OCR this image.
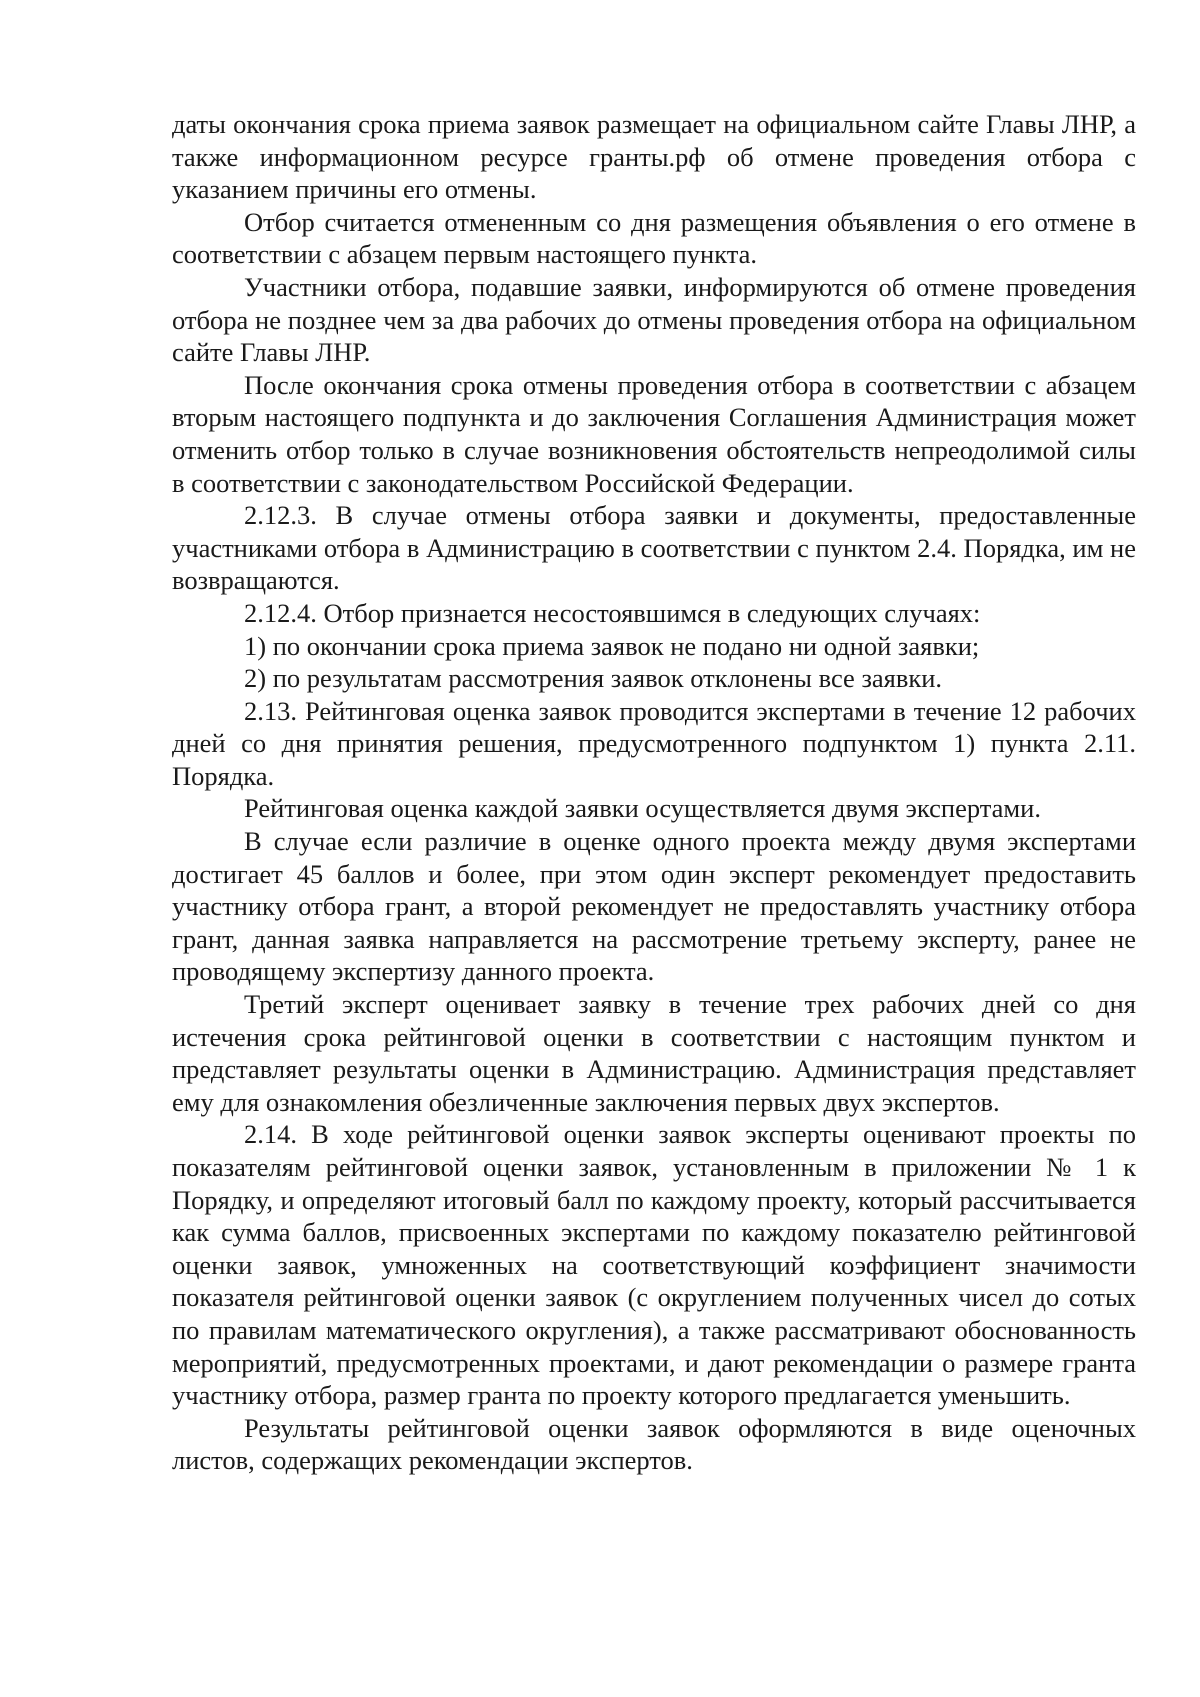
даты окончания срока приема заявок размещает на официальном сайте Главы ЛНР, а также информационном ресурсе гранты.рф об отмене проведения отбора с указанием причины его отмены.

Отбор считается отмененным со дня размещения объявления о его отмене в соответствии с абзацем первым настоящего пункта.

Участники отбора, подавшие заявки, информируются об отмене проведения отбора не позднее чем за два рабочих до отмены проведения отбора на официальном сайте Главы ЛНР.

После окончания срока отмены проведения отбора в соответствии с абзацем вторым настоящего подпункта и до заключения Соглашения Администрация может отменить отбор только в случае возникновения обстоятельств непреодолимой силы в соответствии с законодательством Российской Федерации.

2.12.3. В случае отмены отбора заявки и документы, предоставленные участниками отбора в Администрацию в соответствии с пунктом 2.4. Порядка, им не возвращаются.

2.12.4. Отбор признается несостоявшимся в следующих случаях:

1) по окончании срока приема заявок не подано ни одной заявки;

2) по результатам рассмотрения заявок отклонены все заявки.

2.13. Рейтинговая оценка заявок проводится экспертами в течение 12 рабочих дней со дня принятия решения, предусмотренного подпунктом 1) пункта 2.11. Порядка.

Рейтинговая оценка каждой заявки осуществляется двумя экспертами.

В случае если различие в оценке одного проекта между двумя экспертами достигает 45 баллов и более, при этом один эксперт рекомендует предоставить участнику отбора грант, а второй рекомендует не предоставлять участнику отбора грант, данная заявка направляется на рассмотрение третьему эксперту, ранее не проводящему экспертизу данного проекта.

Третий эксперт оценивает заявку в течение трех рабочих дней со дня истечения срока рейтинговой оценки в соответствии с настоящим пунктом и представляет результаты оценки в Администрацию. Администрация представляет ему для ознакомления обезличенные заключения первых двух экспертов.

2.14. В ходе рейтинговой оценки заявок эксперты оценивают проекты по показателям рейтинговой оценки заявок, установленным в приложении № 1 к Порядку, и определяют итоговый балл по каждому проекту, который рассчитывается как сумма баллов, присвоенных экспертами по каждому показателю рейтинговой оценки заявок, умноженных на соответствующий коэффициент значимости показателя рейтинговой оценки заявок (с округлением полученных чисел до сотых по правилам математического округления), а также рассматривают обоснованность мероприятий, предусмотренных проектами, и дают рекомендации о размере гранта участнику отбора, размер гранта по проекту которого предлагается уменьшить.

Результаты рейтинговой оценки заявок оформляются в виде оценочных листов, содержащих рекомендации экспертов.
